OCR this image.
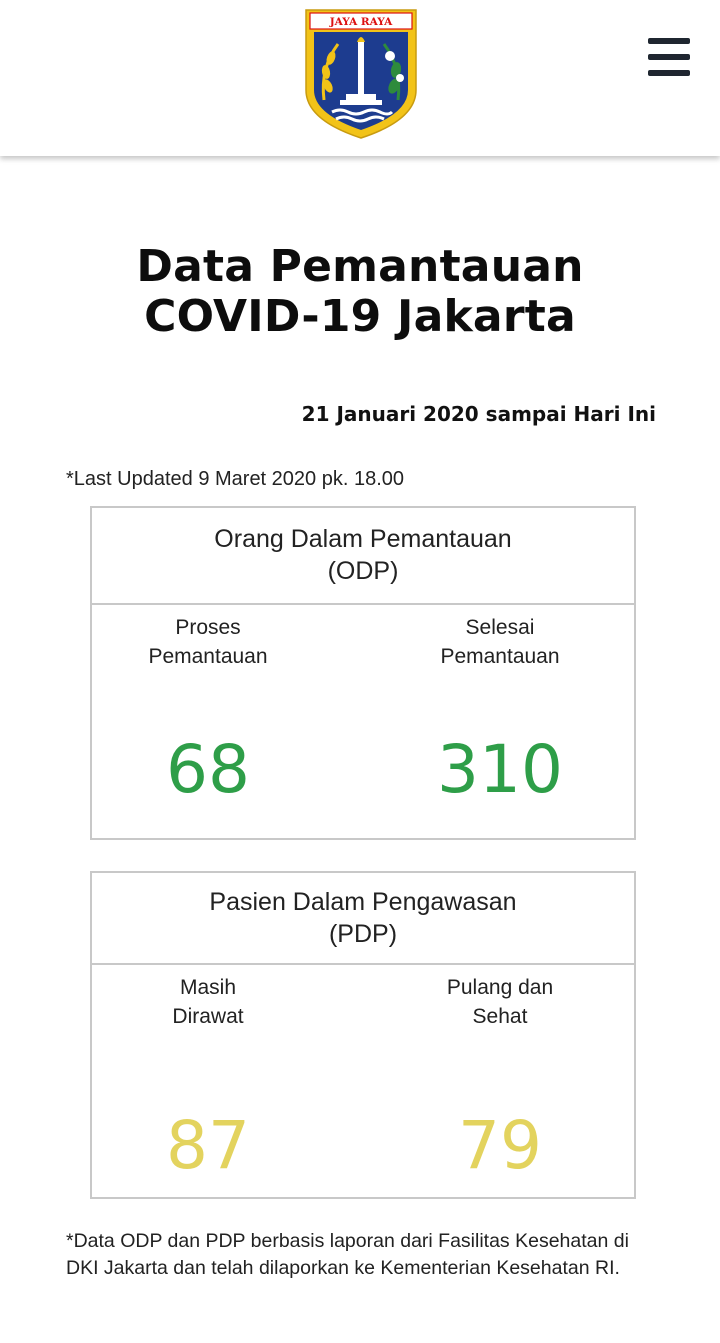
JAYA RAYA
Data Pemantauan
COVID-19 Jakarta
21 Januari 2020 sampai Hari Ini
*Last Updated 9 Maret 2020 pk. 18.00
Orang Dalam Pemantauan
(ODP)
Proses
Pemantauan
68
Selesai
Pemantauan
310
Pasien Dalam Pengawasan
(PDP)
Masih
Dirawat
87
Pulang dan
Sehat
79

*Data ODP dan PDP berbasis laporan dari Fasilitas Kesehatan di DKI Jakarta dan telah dilaporkan ke Kementerian Kesehatan RI.
